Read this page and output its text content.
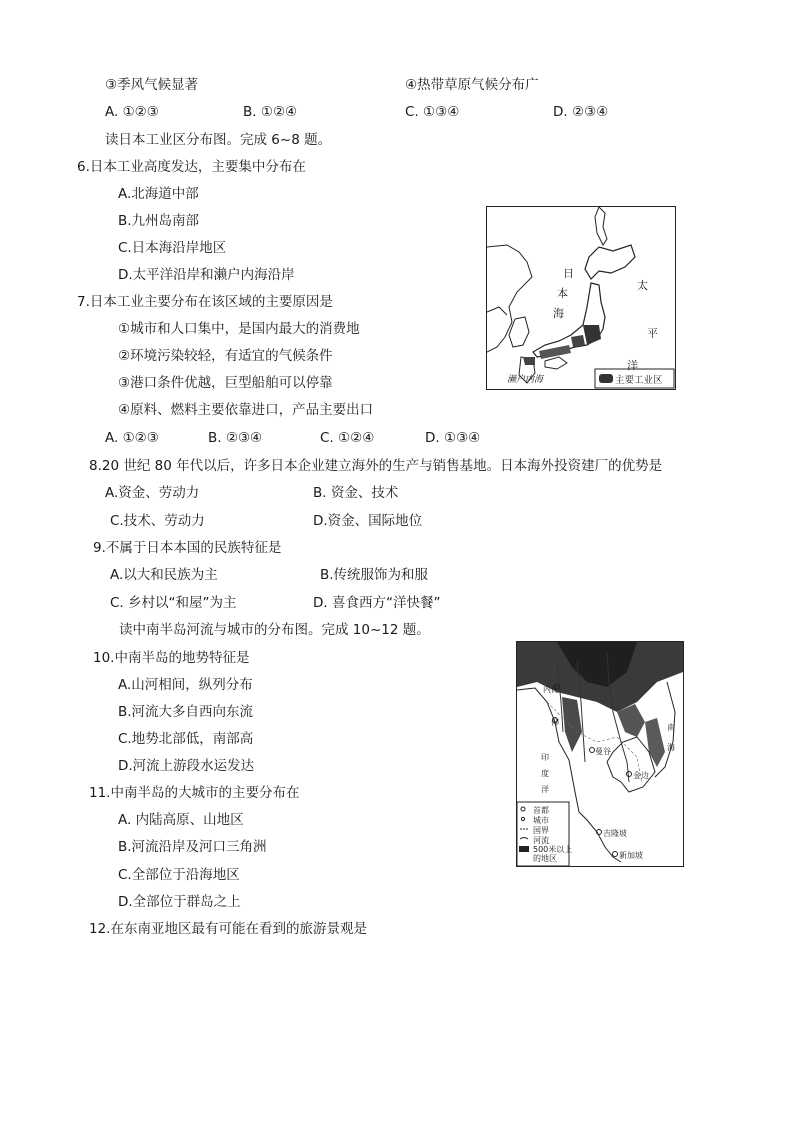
③季风气候显著	④热带草原气候分布广
A. ①②③	B. ①②④	C. ①③④	D. ②③④
读日本工业区分布图。完成 6~8 题。
6.日本工业高度发达，主要集中分布在
A.北海道中部
B.九州岛南部
C.日本海沿岸地区
D.太平洋沿岸和濑户内海沿岸
7.日本工业主要分布在该区域的主要原因是
①城市和人口集中，是国内最大的消费地
②环境污染较轻，有适宜的气候条件
③港口条件优越，巨型船舶可以停靠
④原料、燃料主要依靠进口，产品主要出口
A. ①②③	B. ②③④	C. ①②④	D. ①③④
8.20 世纪 80 年代以后，许多日本企业建立海外的生产与销售基地。日本海外投资建厂的优势是
A.资金、劳动力	B. 资金、技术
C.技术、劳动力	D.资金、国际地位
9.不属于日本本国的民族特征是
A.以大和民族为主	B.传统服饰为和服
C. 乡村以“和屋”为主	D. 喜食西方“洋快餐”
读中南半岛河流与城市的分布图。完成 10~12 题。
10.中南半岛的地势特征是
A.山河相间，纵列分布
B.河流大多自西向东流
C.地势北部低，南部高
D.河流上游段水运发达
11.中南半岛的大城市的主要分布在
A. 内陆高原、山地区
B.河流沿岸及河口三角洲
C.全部位于沿海地区
D.全部位于群岛之上
12.在东南亚地区最有可能在看到的旅游景观是
日
本
海
太
平
洋
濑户内海	主要工业区
内比
仰
南
海
曼谷
印
度
洋
金边
吉隆坡
新加坡
首都
城市
国界
河流
500米以上
的地区
